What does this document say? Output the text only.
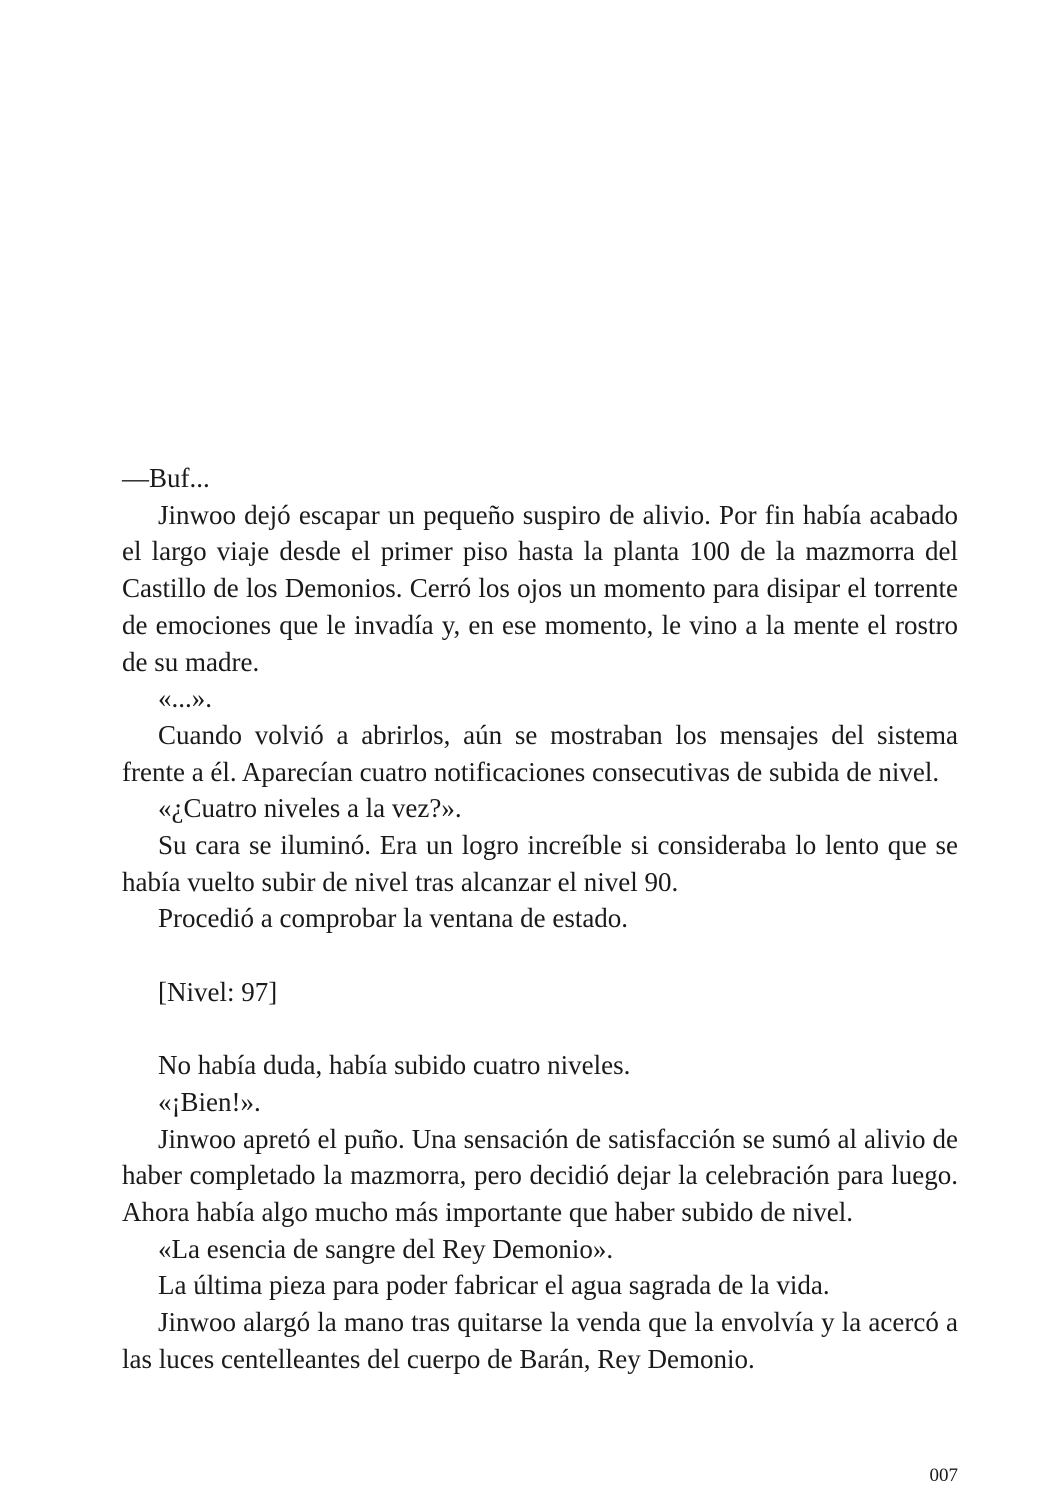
—Buf...

Jinwoo dejó escapar un pequeño suspiro de alivio. Por fin había acabado el largo viaje desde el primer piso hasta la planta 100 de la mazmorra del Castillo de los Demonios. Cerró los ojos un momento para disipar el torrente de emociones que le invadía y, en ese momento, le vino a la mente el rostro de su madre.

«...».

Cuando volvió a abrirlos, aún se mostraban los mensajes del sistema frente a él. Aparecían cuatro notificaciones consecutivas de subida de nivel.

«¿Cuatro niveles a la vez?».

Su cara se iluminó. Era un logro increíble si consideraba lo lento que se había vuelto subir de nivel tras alcanzar el nivel 90.

Procedió a comprobar la ventana de estado.

[Nivel: 97]

No había duda, había subido cuatro niveles.

«¡Bien!».

Jinwoo apretó el puño. Una sensación de satisfacción se sumó al alivio de haber completado la mazmorra, pero decidió dejar la celebración para luego. Ahora había algo mucho más importante que haber subido de nivel.

«La esencia de sangre del Rey Demonio».

La última pieza para poder fabricar el agua sagrada de la vida.

Jinwoo alargó la mano tras quitarse la venda que la envolvía y la acercó a las luces centelleantes del cuerpo de Barán, Rey Demonio.

007
